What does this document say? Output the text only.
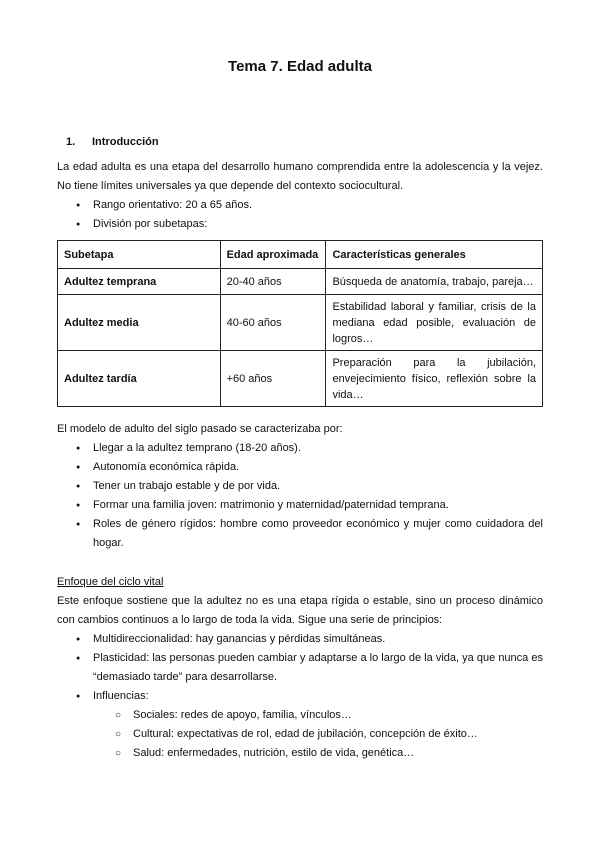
Tema 7. Edad adulta
1. Introducción
La edad adulta es una etapa del desarrollo humano comprendida entre la adolescencia y la vejez.
No tiene límites universales ya que depende del contexto sociocultural.
● Rango orientativo: 20 a 65 años.
● División por subetapas:
Subetapa	Edad aproximada	Características generales
Adultez temprana	20-40 años	Búsqueda de anatomía, trabajo, pareja…
Adultez media	40-60 años	Estabilidad laboral y familiar, crisis de la mediana edad posible, evaluación de logros…
Adultez tardía	+60 años	Preparación para la jubilación, envejecimiento físico, reflexión sobre la vida…
El modelo de adulto del siglo pasado se caracterizaba por:
● Llegar a la adultez temprano (18-20 años).
● Autonomía económica rápida.
● Tener un trabajo estable y de por vida.
● Formar una familia joven: matrimonio y maternidad/paternidad temprana.
● Roles de género rígidos: hombre como proveedor económico y mujer como cuidadora del hogar.
Enfoque del ciclo vital
Este enfoque sostiene que la adultez no es una etapa rígida o estable, sino un proceso dinámico
con cambios continuos a lo largo de toda la vida. Sigue una serie de principios:
● Multidireccionalidad: hay ganancias y pérdidas simultáneas.
● Plasticidad: las personas pueden cambiar y adaptarse a lo largo de la vida, ya que nunca es “demasiado tarde” para desarrollarse.
● Influencias:
○ Sociales: redes de apoyo, familia, vínculos…
○ Cultural: expectativas de rol, edad de jubilación, concepción de éxito…
○ Salud: enfermedades, nutrición, estilo de vida, genética…
